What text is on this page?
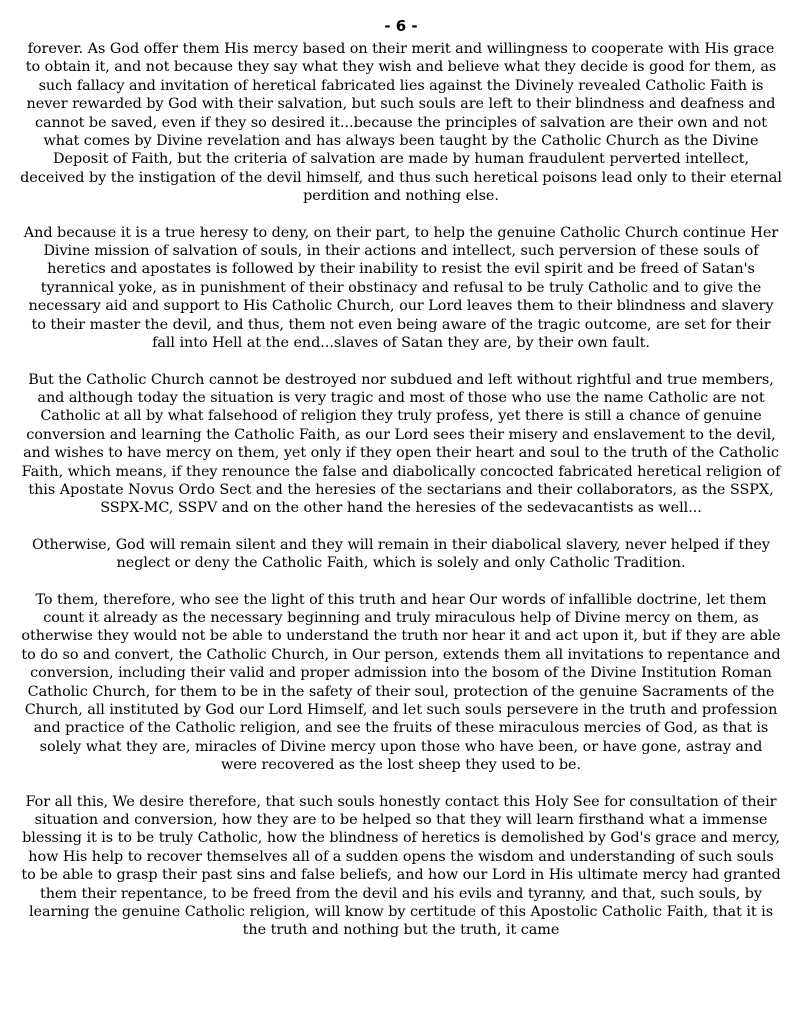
- 6 -

forever. As God offer them His mercy based on their merit and willingness to cooperate with His grace to obtain it, and not because they say what they wish and believe what they decide is good for them, as such fallacy and invitation of heretical fabricated lies against the Divinely revealed Catholic Faith is never rewarded by God with their salvation, but such souls are left to their blindness and deafness and cannot be saved, even if they so desired it...because the principles of salvation are their own and not what comes by Divine revelation and has always been taught by the Catholic Church as the Divine Deposit of Faith, but the criteria of salvation are made by human fraudulent perverted intellect, deceived by the instigation of the devil himself, and thus such heretical poisons lead only to their eternal perdition and nothing else.

And because it is a true heresy to deny, on their part, to help the genuine Catholic Church continue Her Divine mission of salvation of souls, in their actions and intellect, such perversion of these souls of heretics and apostates is followed by their inability to resist the evil spirit and be freed of Satan's tyrannical yoke, as in punishment of their obstinacy and refusal to be truly Catholic and to give the necessary aid and support to His Catholic Church, our Lord leaves them to their blindness and slavery to their master the devil, and thus, them not even being aware of the tragic outcome, are set for their fall into Hell at the end...slaves of Satan they are, by their own fault.

But the Catholic Church cannot be destroyed nor subdued and left without rightful and true members, and although today the situation is very tragic and most of those who use the name Catholic are not Catholic at all by what falsehood of religion they truly profess, yet there is still a chance of genuine conversion and learning the Catholic Faith, as our Lord sees their misery and enslavement to the devil, and wishes to have mercy on them, yet only if they open their heart and soul to the truth of the Catholic Faith, which means, if they renounce the false and diabolically concocted fabricated heretical religion of this Apostate Novus Ordo Sect and the heresies of the sectarians and their collaborators, as the SSPX, SSPX-MC, SSPV and on the other hand the heresies of the sedevacantists as well...

Otherwise, God will remain silent and they will remain in their diabolical slavery, never helped if they neglect or deny the Catholic Faith, which is solely and only Catholic Tradition.

To them, therefore, who see the light of this truth and hear Our words of infallible doctrine, let them count it already as the necessary beginning and truly miraculous help of Divine mercy on them, as otherwise they would not be able to understand the truth nor hear it and act upon it, but if they are able to do so and convert, the Catholic Church, in Our person, extends them all invitations to repentance and conversion, including their valid and proper admission into the bosom of the Divine Institution Roman Catholic Church, for them to be in the safety of their soul, protection of the genuine Sacraments of the Church, all instituted by God our Lord Himself, and let such souls persevere in the truth and profession and practice of the Catholic religion, and see the fruits of these miraculous mercies of God, as that is solely what they are, miracles of Divine mercy upon those who have been, or have gone, astray and were recovered as the lost sheep they used to be.

For all this, We desire therefore, that such souls honestly contact this Holy See for consultation of their situation and conversion, how they are to be helped so that they will learn firsthand what a immense blessing it is to be truly Catholic, how the blindness of heretics is demolished by God's grace and mercy, how His help to recover themselves all of a sudden opens the wisdom and understanding of such souls to be able to grasp their past sins and false beliefs, and how our Lord in His ultimate mercy had granted them their repentance, to be freed from the devil and his evils and tyranny, and that, such souls, by learning the genuine Catholic religion, will know by certitude of this Apostolic Catholic Faith, that it is the truth and nothing but the truth, it came
